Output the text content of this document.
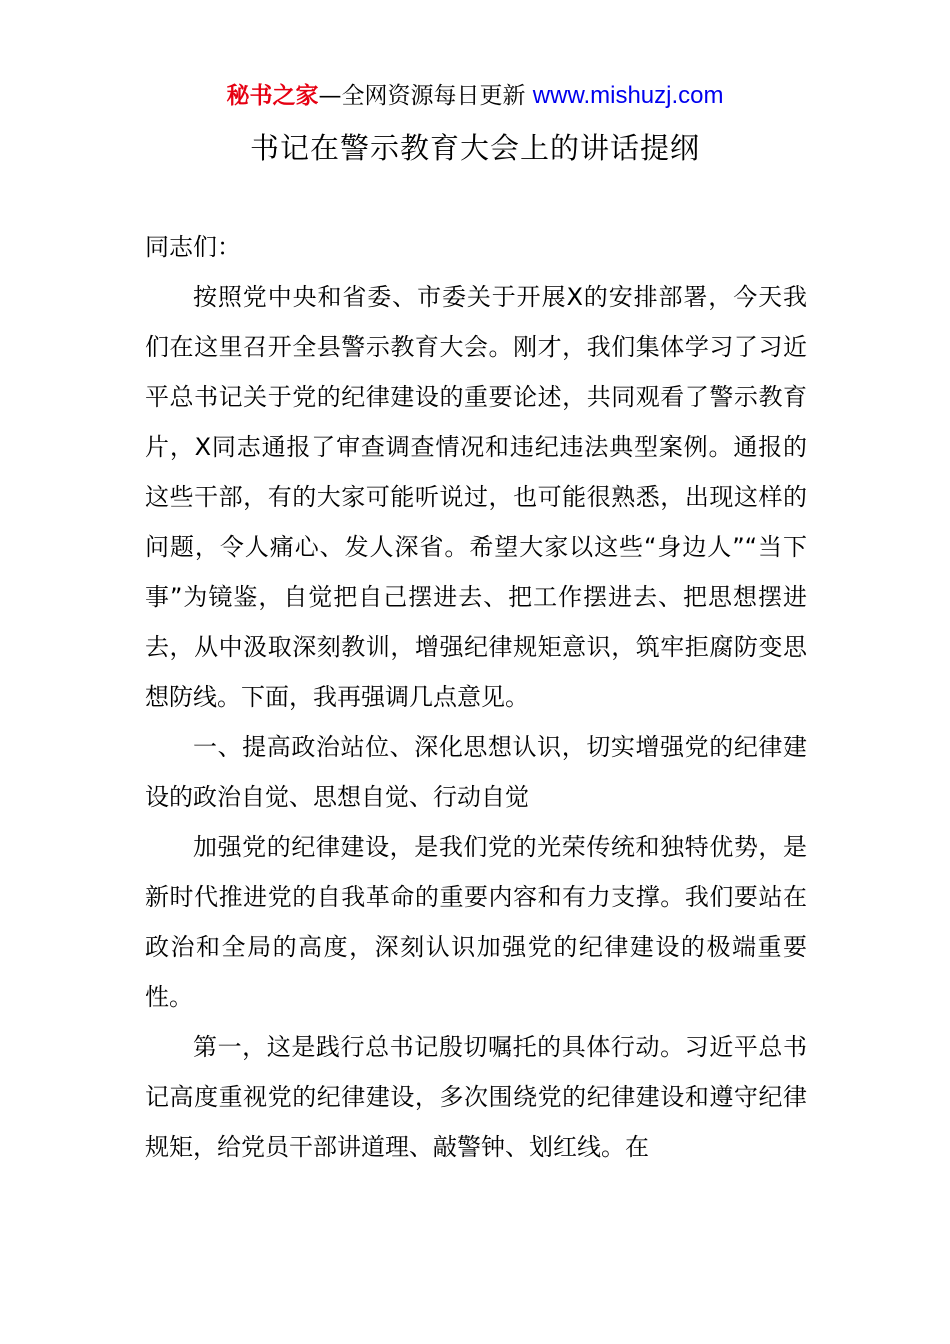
秘书之家—全网资源每日更新 www.mishuzj.com
书记在警示教育大会上的讲话提纲

同志们：

按照党中央和省委、市委关于开展X的安排部署，今天我们在这里召开全县警示教育大会。刚才，我们集体学习了习近平总书记关于党的纪律建设的重要论述，共同观看了警示教育片，X同志通报了审查调查情况和违纪违法典型案例。通报的这些干部，有的大家可能听说过，也可能很熟悉，出现这样的问题，令人痛心、发人深省。希望大家以这些“身边人”“当下事”为镜鉴，自觉把自己摆进去、把工作摆进去、把思想摆进去，从中汲取深刻教训，增强纪律规矩意识，筑牢拒腐防变思想防线。下面，我再强调几点意见。

一、提高政治站位、深化思想认识，切实增强党的纪律建设的政治自觉、思想自觉、行动自觉

加强党的纪律建设，是我们党的光荣传统和独特优势，是新时代推进党的自我革命的重要内容和有力支撑。我们要站在政治和全局的高度，深刻认识加强党的纪律建设的极端重要性。

第一，这是践行总书记殷切嘱托的具体行动。习近平总书记高度重视党的纪律建设，多次围绕党的纪律建设和遵守纪律规矩，给党员干部讲道理、敲警钟、划红线。在
